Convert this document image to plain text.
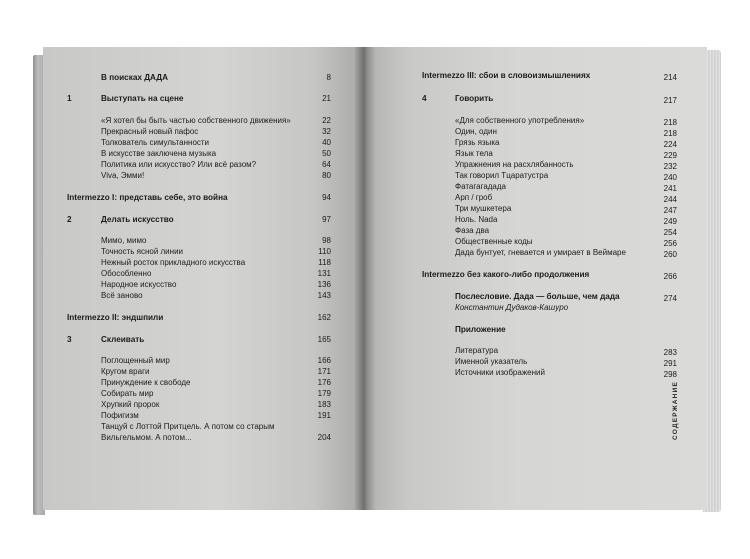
В поисках ДАДА	8
1	Выступать на сцене	21
«Я хотел бы быть частью собственного движения»	22
Прекрасный новый пафос	32
Толкователь симультанности	40
В искусстве заключена музыка	50
Политика или искусство? Или всё разом?	64
Viva, Эмми!	80
Intermezzo I: представь себе, это война	94
2	Делать искусство	97
Мимо, мимо	98
Точность ясной линии	110
Нежный росток прикладного искусства	118
Обособленно	131
Народное искусство	136
Всё заново	143
Intermezzo II: эндшпили	162
3	Склеивать	165
Поглощенный мир	166
Кругом враги	171
Принуждение к свободе	176
Собирать мир	179
Хрупкий пророк	183
Пофигизм	191
Танцуй с Лоттой Притцель. А потом со старым
Вильгельмом. А потом...	204
Intermezzo III: сбои в словоизмышлениях	214
4	Говорить	217
«Для собственного употребления»	218
Один, один	218
Грязь языка	224
Язык тела	229
Упражнения на расхлябанность	232
Так говорил Тцаратустра	240
Фатагагадада	241
Арп / гроб	244
Три мушкетера	247
Ноль. Nada	249
Фаза два	254
Общественные коды	256
Дада бунтует, гневается и умирает в Веймаре	260
Intermezzo без какого-либо продолжения	266
Послесловие. Дада — больше, чем дада	274
Константин Дудаков-Кашуро
Приложение
Литература	283
Именной указатель	291
Источники изображений	298
СОДЕРЖАНИЕ
